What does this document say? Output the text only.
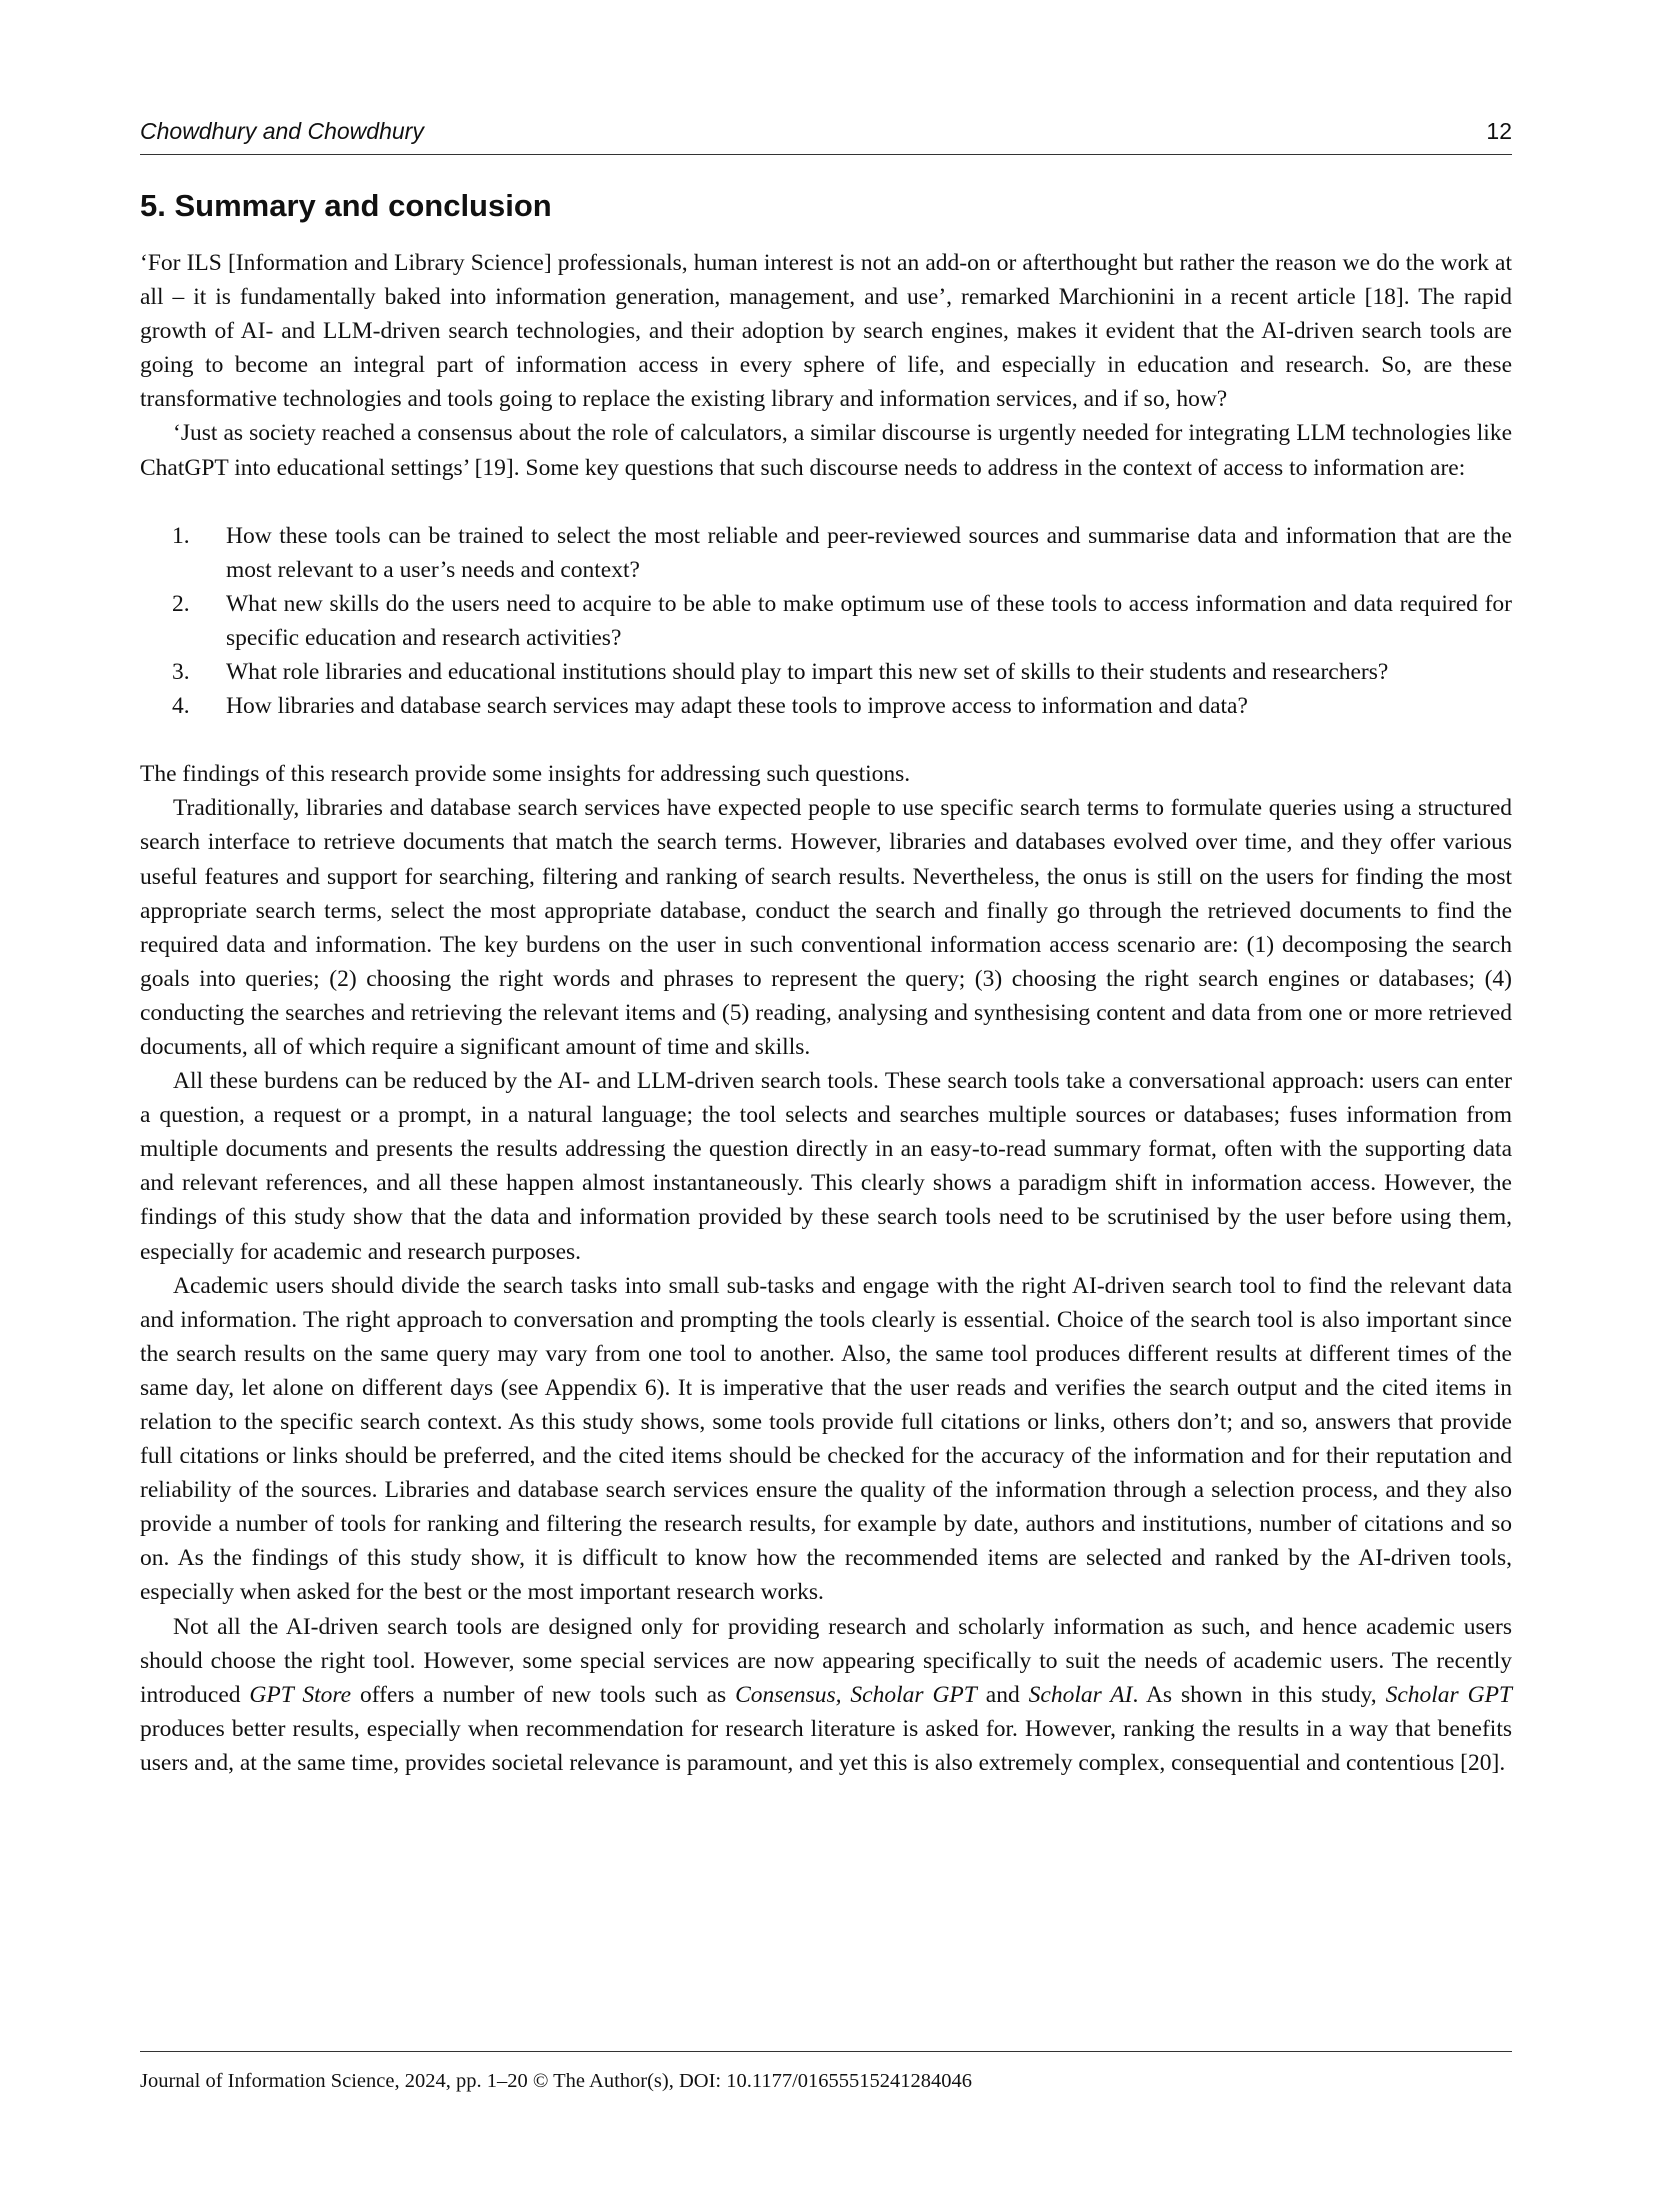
Chowdhury and Chowdhury	12
5. Summary and conclusion

‘For ILS [Information and Library Science] professionals, human interest is not an add-on or afterthought but rather the reason we do the work at all – it is fundamentally baked into information generation, management, and use’, remarked Marchionini in a recent article [18]. The rapid growth of AI- and LLM-driven search technologies, and their adoption by search engines, makes it evident that the AI-driven search tools are going to become an integral part of information access in every sphere of life, and especially in education and research. So, are these transformative technologies and tools going to replace the existing library and information services, and if so, how?

‘Just as society reached a consensus about the role of calculators, a similar discourse is urgently needed for integrating LLM technologies like ChatGPT into educational settings’ [19]. Some key questions that such discourse needs to address in the context of access to information are:

1.	How these tools can be trained to select the most reliable and peer-reviewed sources and summarise data and information that are the most relevant to a user’s needs and context?
2.	What new skills do the users need to acquire to be able to make optimum use of these tools to access information and data required for specific education and research activities?
3.	What role libraries and educational institutions should play to impart this new set of skills to their students and researchers?
4.	How libraries and database search services may adapt these tools to improve access to information and data?

The findings of this research provide some insights for addressing such questions.

Traditionally, libraries and database search services have expected people to use specific search terms to formulate queries using a structured search interface to retrieve documents that match the search terms. However, libraries and databases evolved over time, and they offer various useful features and support for searching, filtering and ranking of search results. Nevertheless, the onus is still on the users for finding the most appropriate search terms, select the most appropriate database, conduct the search and finally go through the retrieved documents to find the required data and information. The key burdens on the user in such conventional information access scenario are: (1) decomposing the search goals into queries; (2) choosing the right words and phrases to represent the query; (3) choosing the right search engines or databases; (4) conducting the searches and retrieving the relevant items and (5) reading, analysing and synthesising content and data from one or more retrieved documents, all of which require a significant amount of time and skills.

All these burdens can be reduced by the AI- and LLM-driven search tools. These search tools take a conversational approach: users can enter a question, a request or a prompt, in a natural language; the tool selects and searches multiple sources or databases; fuses information from multiple documents and presents the results addressing the question directly in an easy-to-read summary format, often with the supporting data and relevant references, and all these happen almost instantaneously. This clearly shows a paradigm shift in information access. However, the findings of this study show that the data and information provided by these search tools need to be scrutinised by the user before using them, especially for academic and research purposes.

Academic users should divide the search tasks into small sub-tasks and engage with the right AI-driven search tool to find the relevant data and information. The right approach to conversation and prompting the tools clearly is essential. Choice of the search tool is also important since the search results on the same query may vary from one tool to another. Also, the same tool produces different results at different times of the same day, let alone on different days (see Appendix 6). It is imperative that the user reads and verifies the search output and the cited items in relation to the specific search context. As this study shows, some tools provide full citations or links, others don’t; and so, answers that provide full citations or links should be preferred, and the cited items should be checked for the accuracy of the information and for their reputation and reliability of the sources. Libraries and database search services ensure the quality of the information through a selection process, and they also provide a number of tools for ranking and filtering the research results, for example by date, authors and institutions, number of citations and so on. As the findings of this study show, it is difficult to know how the recommended items are selected and ranked by the AI-driven tools, especially when asked for the best or the most important research works.

Not all the AI-driven search tools are designed only for providing research and scholarly information as such, and hence academic users should choose the right tool. However, some special services are now appearing specifically to suit the needs of academic users. The recently introduced GPT Store offers a number of new tools such as Consensus, Scholar GPT and Scholar AI. As shown in this study, Scholar GPT produces better results, especially when recommendation for research literature is asked for. However, ranking the results in a way that benefits users and, at the same time, provides societal relevance is paramount, and yet this is also extremely complex, consequential and contentious [20].

Journal of Information Science, 2024, pp. 1–20 © The Author(s), DOI: 10.1177/01655515241284046
